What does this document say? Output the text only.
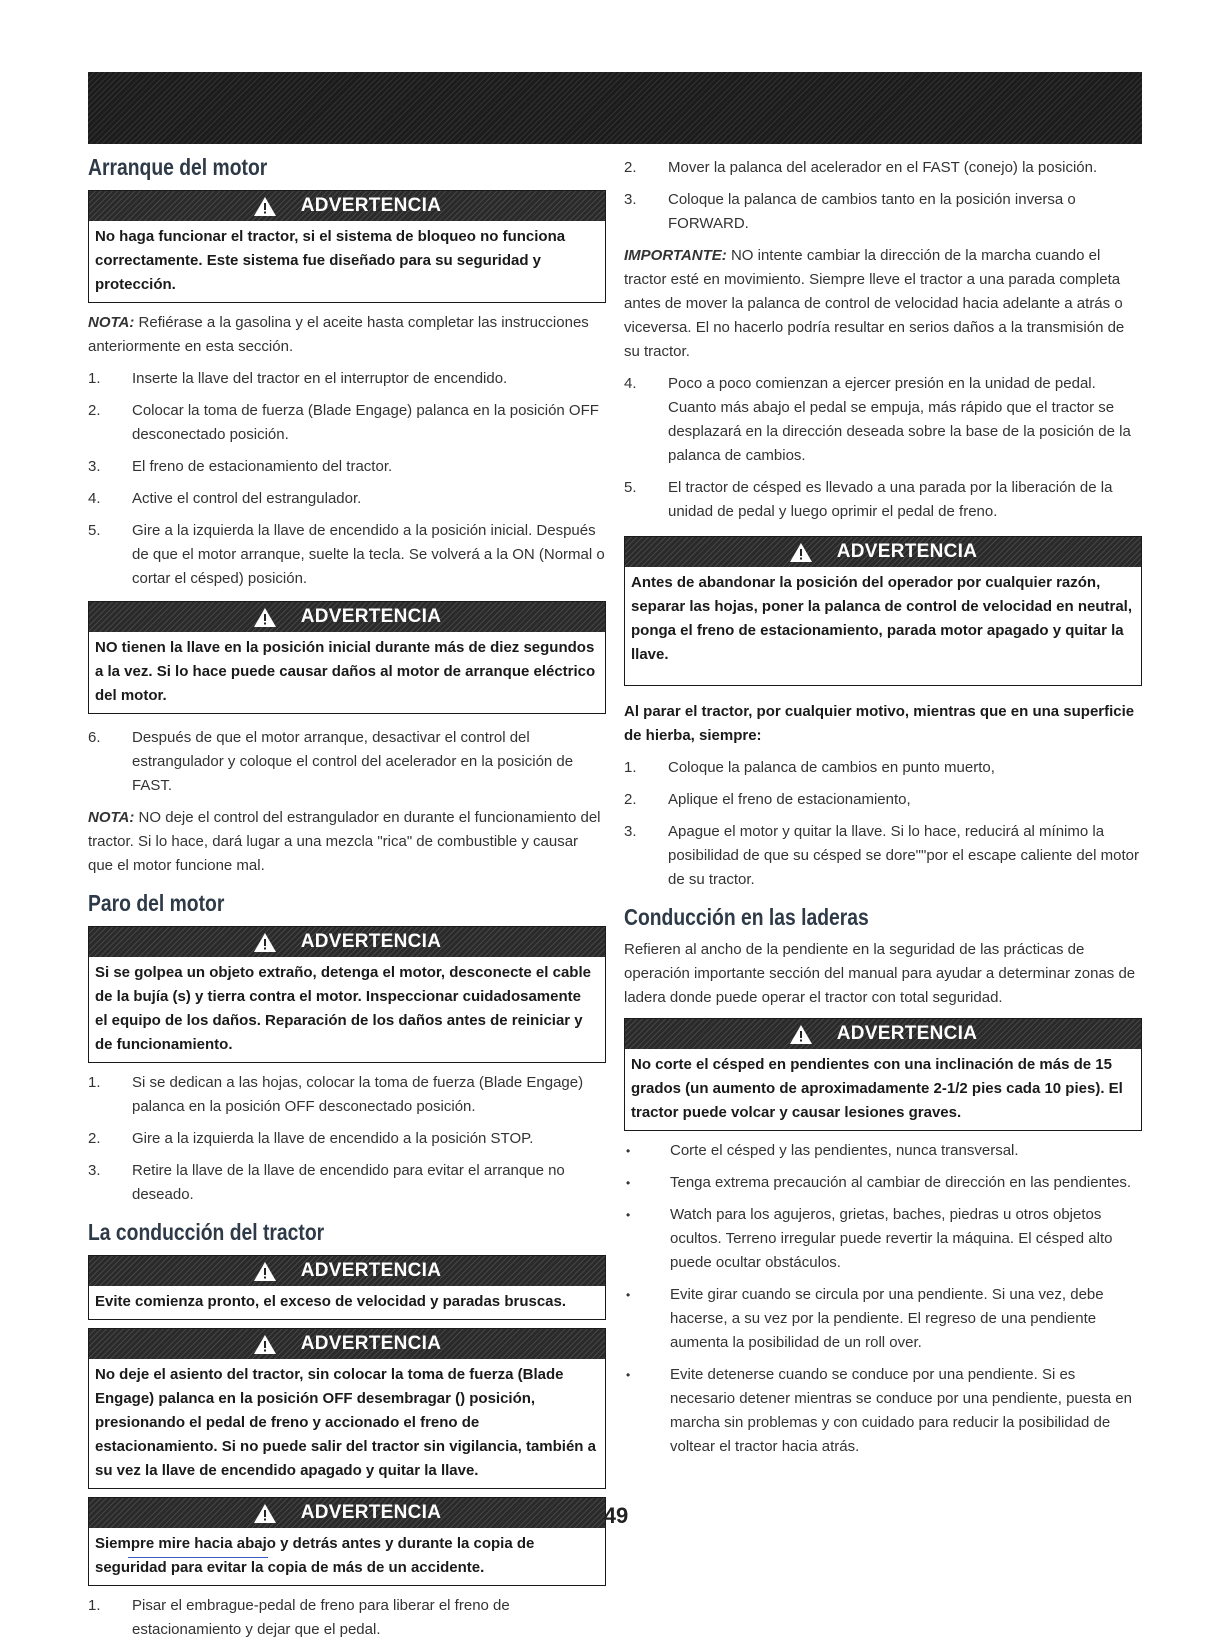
Arranque del motor
ADVERTENCIA
No haga funcionar el tractor, si el sistema de bloqueo no funciona correctamente. Este sistema fue diseñado para su seguridad y protección.

NOTA: Refiérase a la gasolina y el aceite hasta completar las instrucciones anteriormente en esta sección.

1. Inserte la llave del tractor en el interruptor de encendido.
2. Colocar la toma de fuerza (Blade Engage) palanca en la posición OFF desconectado posición.
3. El freno de estacionamiento del tractor.
4. Active el control del estrangulador.
5. Gire a la izquierda la llave de encendido a la posición inicial. Después de que el motor arranque, suelte la tecla. Se volverá a la ON (Normal o cortar el césped) posición.
ADVERTENCIA
NO tienen la llave en la posición inicial durante más de diez segundos a la vez. Si lo hace puede causar daños al motor de arranque eléctrico del motor.
6. Después de que el motor arranque, desactivar el control del estrangulador y coloque el control del acelerador en la posición de FAST.

NOTA: NO deje el control del estrangulador en durante el funcionamiento del tractor. Si lo hace, dará lugar a una mezcla "rica" de combustible y causar que el motor funcione mal.

Paro del motor
ADVERTENCIA
Si se golpea un objeto extraño, detenga el motor, desconecte el cable de la bujía (s) y tierra contra el motor. Inspeccionar cuidadosamente el equipo de los daños. Reparación de los daños antes de reiniciar y de funcionamiento.
1. Si se dedican a las hojas, colocar la toma de fuerza (Blade Engage) palanca en la posición OFF desconectado posición.
2. Gire a la izquierda la llave de encendido a la posición STOP.
3. Retire la llave de la llave de encendido para evitar el arranque no deseado.
La conducción del tractor
ADVERTENCIA
Evite comienza pronto, el exceso de velocidad y paradas bruscas.
ADVERTENCIA
No deje el asiento del tractor, sin colocar la toma de fuerza (Blade Engage) palanca en la posición OFF desembragar () posición, presionando el pedal de freno y accionado el freno de estacionamiento. Si no puede salir del tractor sin vigilancia, también a su vez la llave de encendido apagado y quitar la llave.
ADVERTENCIA
Siempre mire hacia abajo y detrás antes y durante la copia de seguridad para evitar la copia de más de un accidente.
1. Pisar el embrague-pedal de freno para liberar el freno de estacionamiento y dejar que el pedal.
2. Mover la palanca del acelerador en el FAST (conejo) la posición.
3. Coloque la palanca de cambios tanto en la posición inversa o FORWARD.

IMPORTANTE: NO intente cambiar la dirección de la marcha cuando el tractor esté en movimiento. Siempre lleve el tractor a una parada completa antes de mover la palanca de control de velocidad hacia adelante a atrás o viceversa. El no hacerlo podría resultar en serios daños a la transmisión de su tractor.

4. Poco a poco comienzan a ejercer presión en la unidad de pedal. Cuanto más abajo el pedal se empuja, más rápido que el tractor se desplazará en la dirección deseada sobre la base de la posición de la palanca de cambios.
5. El tractor de césped es llevado a una parada por la liberación de la unidad de pedal y luego oprimir el pedal de freno.
ADVERTENCIA
Antes de abandonar la posición del operador por cualquier razón, separar las hojas, poner la palanca de control de velocidad en neutral, ponga el freno de estacionamiento, parada motor apagado y quitar la llave.

Al parar el tractor, por cualquier motivo, mientras que en una superficie de hierba, siempre:

1. Coloque la palanca de cambios en punto muerto,
2. Aplique el freno de estacionamiento,
3. Apague el motor y quitar la llave. Si lo hace, reducirá al mínimo la posibilidad de que su césped se dore""por el escape caliente del motor de su tractor.
Conducción en las laderas

Refieren al ancho de la pendiente en la seguridad de las prácticas de operación importante sección del manual para ayudar a determinar zonas de ladera donde puede operar el tractor con total seguridad.

ADVERTENCIA
No corte el césped en pendientes con una inclinación de más de 15 grados (un aumento de aproximadamente 2-1/2 pies cada 10 pies). El tractor puede volcar y causar lesiones graves.
•	Corte el césped y las pendientes, nunca transversal.
•	Tenga extrema precaución al cambiar de dirección en las pendientes.
•	Watch para los agujeros, grietas, baches, piedras u otros objetos ocultos. Terreno irregular puede revertir la máquina. El césped alto puede ocultar obstáculos.
•	Evite girar cuando se circula por una pendiente. Si una vez, debe hacerse, a su vez por la pendiente. El regreso de una pendiente aumenta la posibilidad de un roll over.
•	Evite detenerse cuando se conduce por una pendiente. Si es necesario detener mientras se conduce por una pendiente, puesta en marcha sin problemas y con cuidado para reducir la posibilidad de voltear el tractor hacia atrás.
49
